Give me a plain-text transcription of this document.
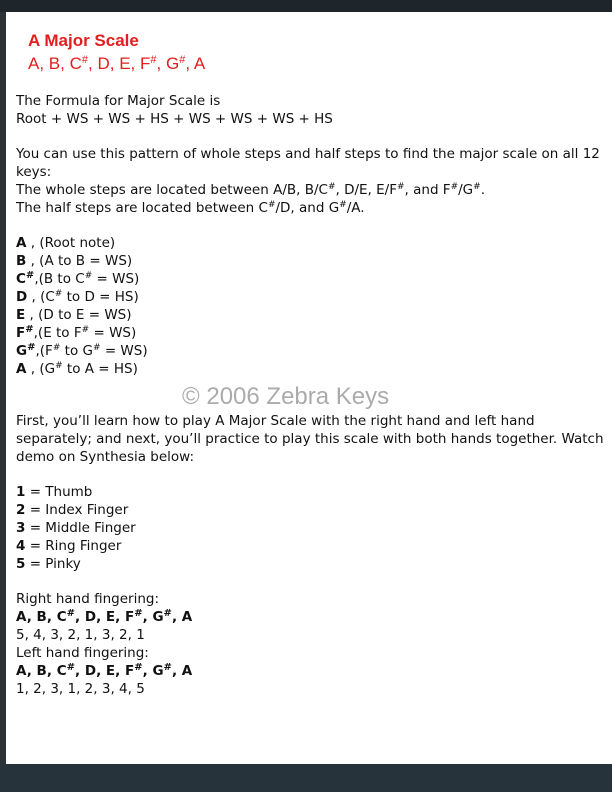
A Major Scale
A, B, C#, D, E, F#, G#, A

The Formula for Major Scale is

Root + WS + WS + HS + WS + WS + WS + HS

You can use this pattern of whole steps and half steps to find the major scale on all 12 keys:

The whole steps are located between A/B, B/C#, D/E, E/F#, and F#/G#.

The half steps are located between C#/D, and G#/A.

A , (Root note)

B , (A to B = WS)

C#,(B to C# = WS)

D , (C# to D = HS)

E , (D to E = WS)

F#,(E to F# = WS)

G#,(F# to G# = WS)

A , (G# to A = HS)

First, you’ll learn how to play A Major Scale with the right hand and left hand separately; and next, you’ll practice to play this scale with both hands together. Watch demo on Synthesia below:

1 = Thumb

2 = Index Finger

3 = Middle Finger

4 = Ring Finger

5 = Pinky

Right hand fingering:

A, B, C#, D, E, F#, G#, A

5, 4, 3, 2, 1, 3, 2, 1

Left hand fingering:

A, B, C#, D, E, F#, G#, A

1, 2, 3, 1, 2, 3, 4, 5

© 2006 Zebra Keys
